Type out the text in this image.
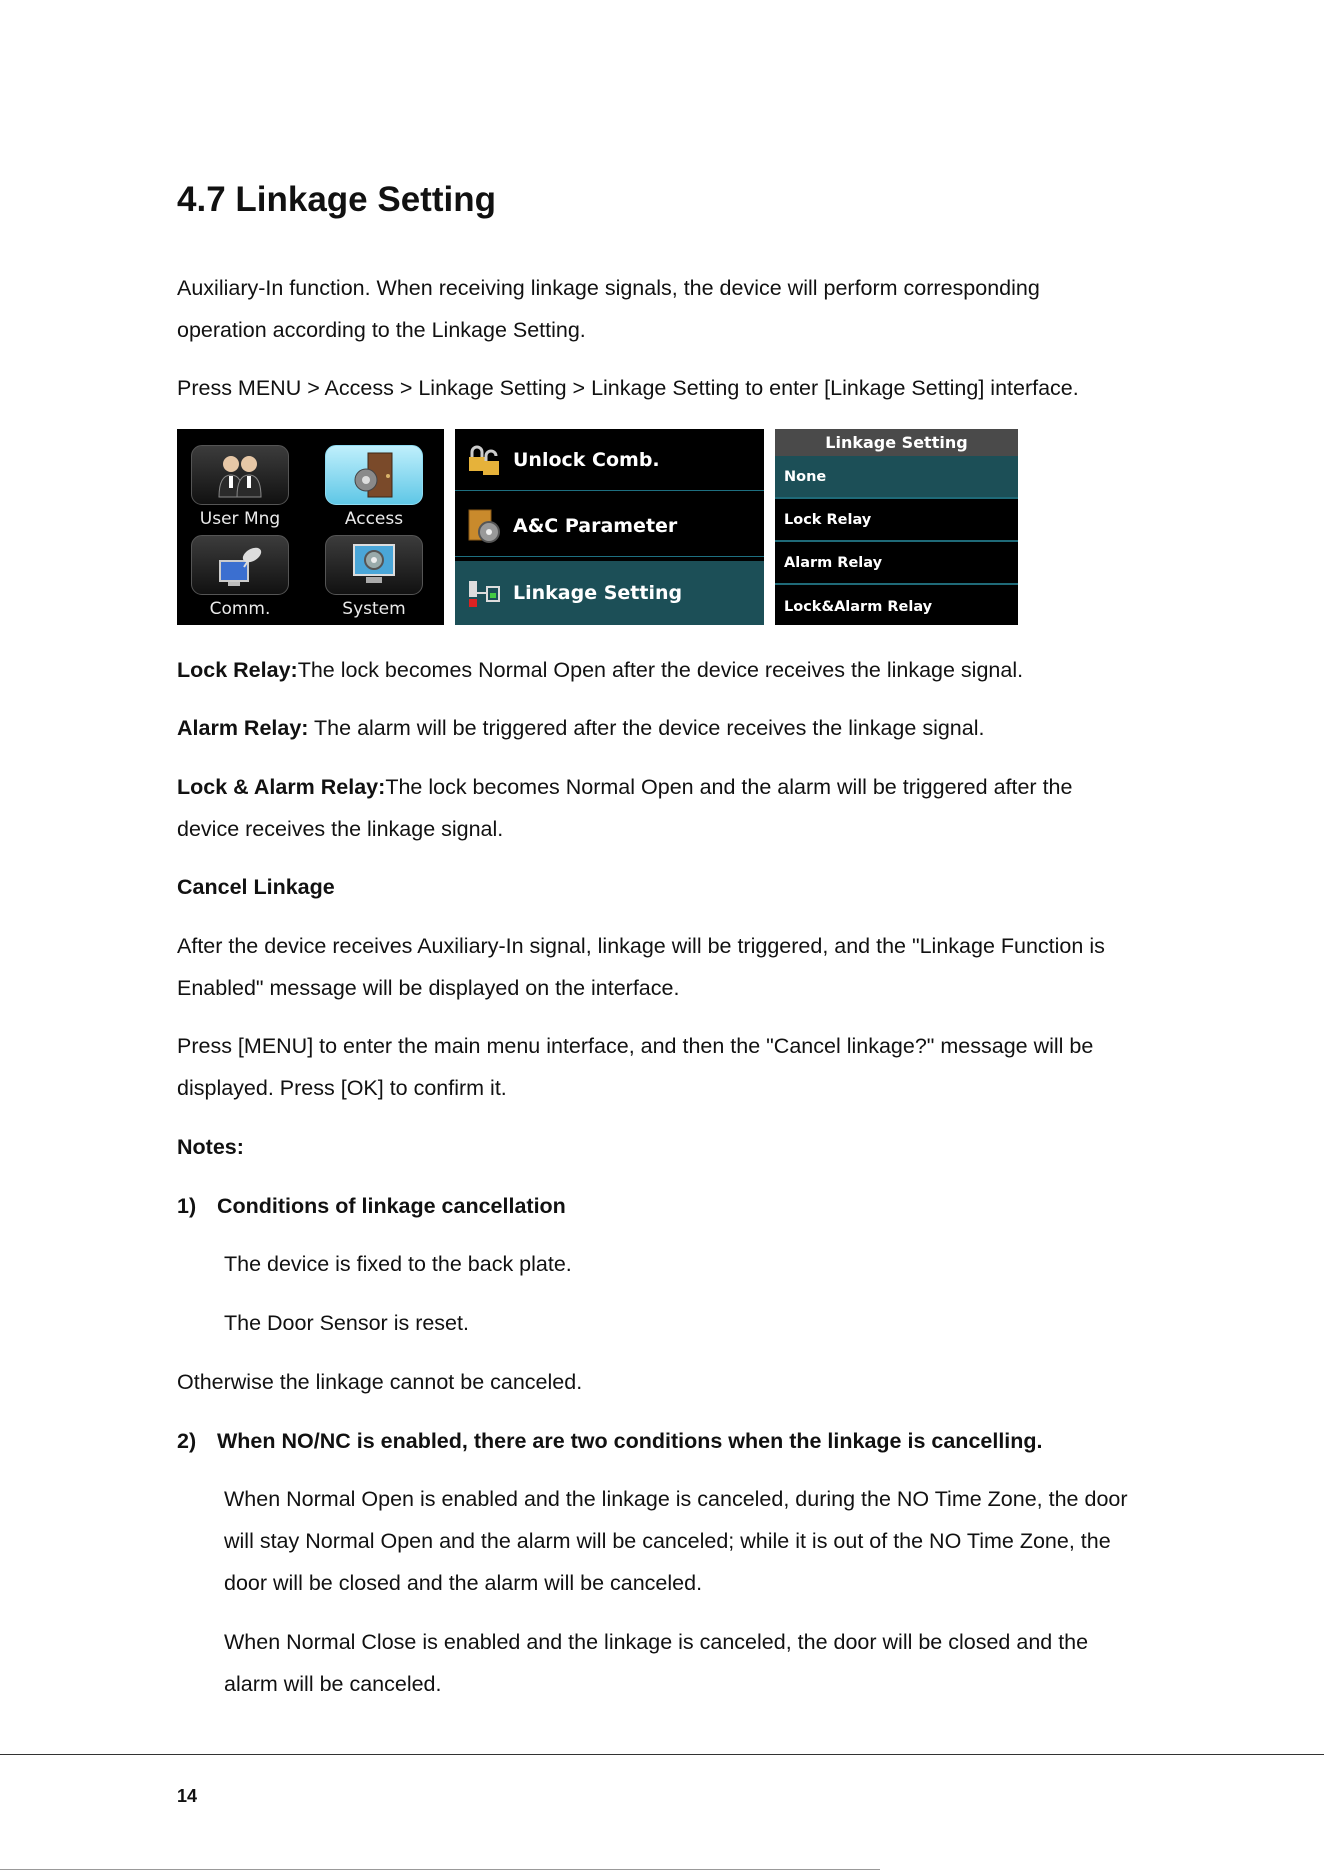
4.7 Linkage Setting

Auxiliary-In function. When receiving linkage signals, the device will perform corresponding

operation according to the Linkage Setting.

Press MENU > Access > Linkage Setting > Linkage Setting to enter [Linkage Setting] interface.

User Mng	Access
Comm.	System
Unlock Comb.
A&C Parameter
Linkage Setting
Linkage Setting
None
Lock Relay
Alarm Relay
Lock&Alarm Relay

Lock Relay:The lock becomes Normal Open after the device receives the linkage signal.

Alarm Relay: The alarm will be triggered after the device receives the linkage signal.

Lock & Alarm Relay:The lock becomes Normal Open and the alarm will be triggered after the

device receives the linkage signal.

Cancel Linkage

After the device receives Auxiliary-In signal, linkage will be triggered, and the "Linkage Function is

Enabled" message will be displayed on the interface.

Press [MENU] to enter the main menu interface, and then the "Cancel linkage?" message will be

displayed. Press [OK] to confirm it.

Notes:

1) Conditions of linkage cancellation

The device is fixed to the back plate.

The Door Sensor is reset.

Otherwise the linkage cannot be canceled.

2) When NO/NC is enabled, there are two conditions when the linkage is cancelling.

When Normal Open is enabled and the linkage is canceled, during the NO Time Zone, the door

will stay Normal Open and the alarm will be canceled; while it is out of the NO Time Zone, the

door will be closed and the alarm will be canceled.

When Normal Close is enabled and the linkage is canceled, the door will be closed and the

alarm will be canceled.

14
